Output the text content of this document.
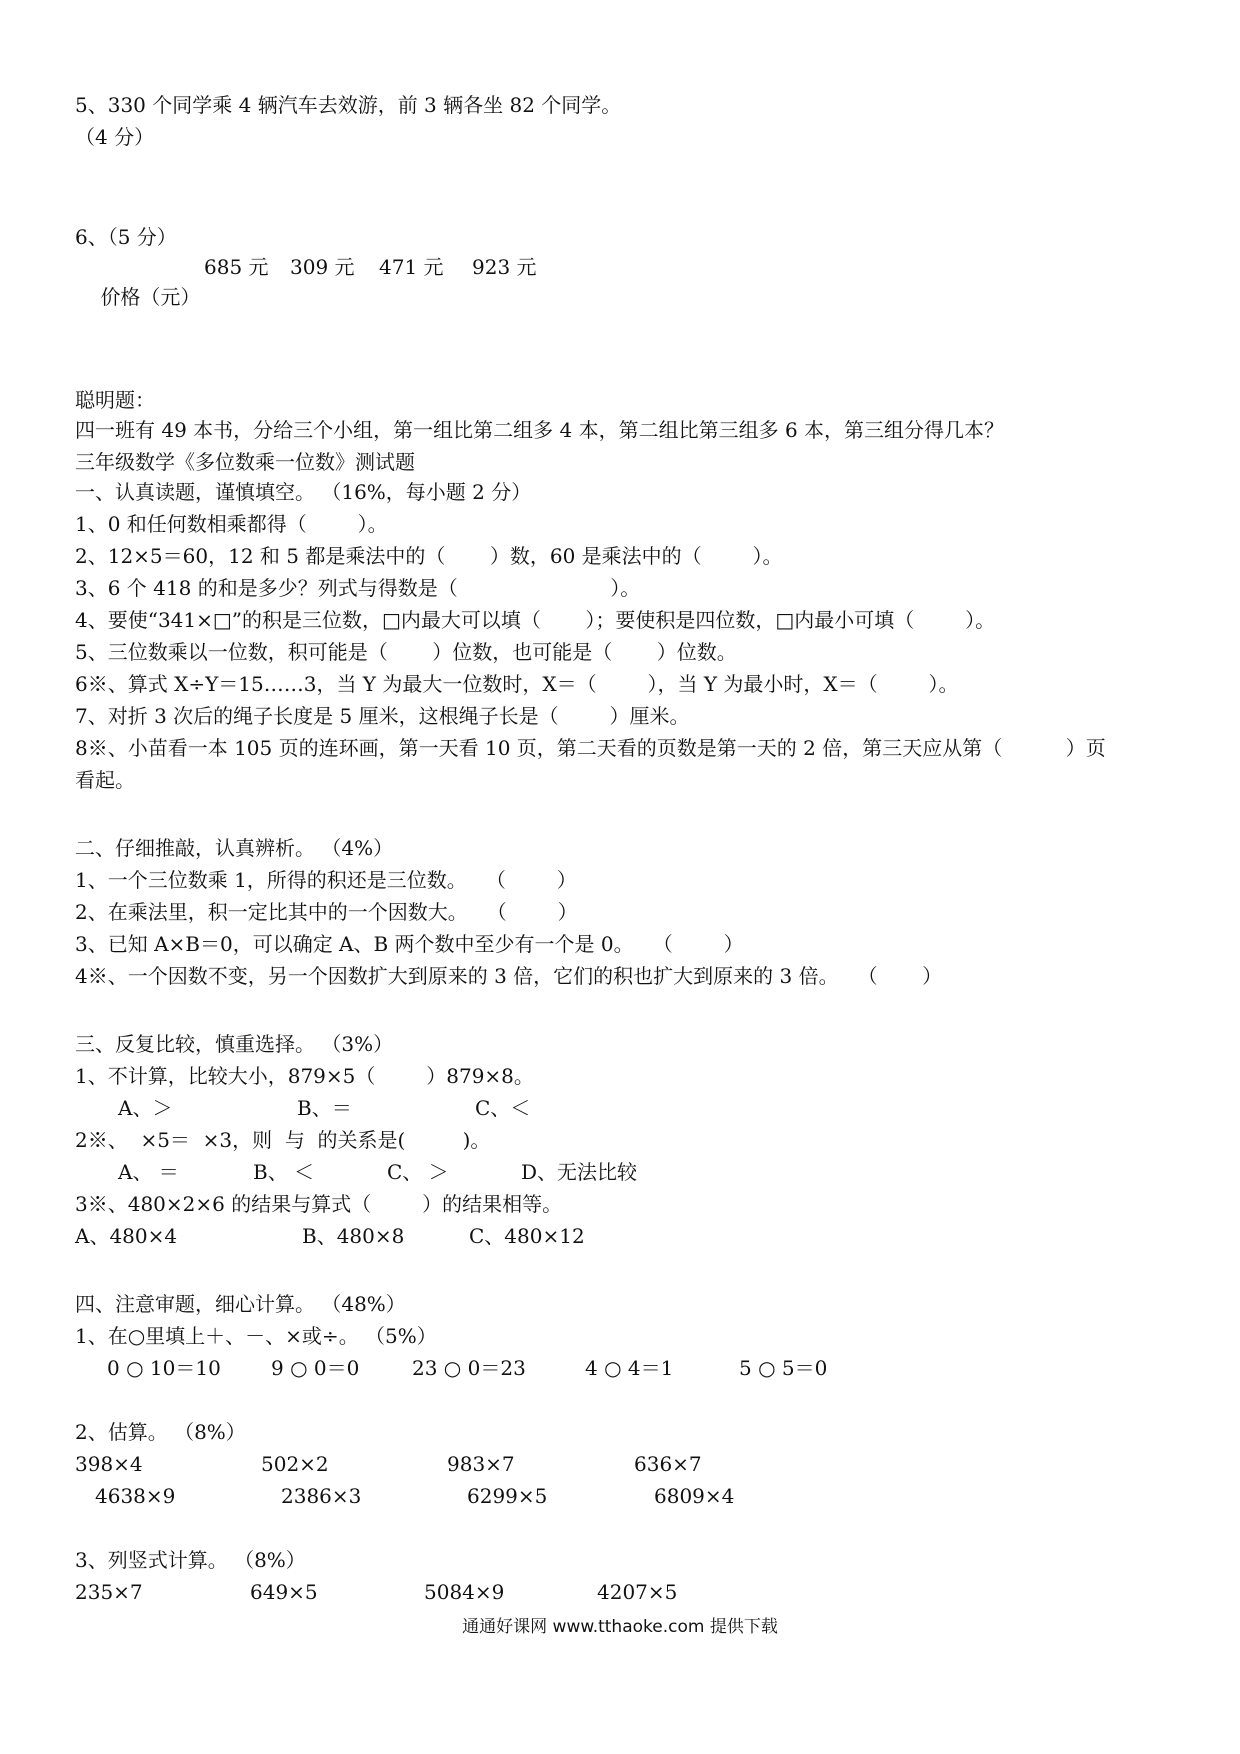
5、330 个同学乘 4 辆汽车去效游，前 3 辆各坐 82 个同学。
（4 分）
6、（5 分）

价格（元）
685 元 309 元 471 元 923 元

聪明题：
四一班有 49 本书，分给三个小组，第一组比第二组多 4 本，第二组比第三组多 6 本，第三组分得几本？
三年级数学《多位数乘一位数》测试题
一、认真读题，谨慎填空。 （16%，每小题 2 分）
1、0 和任何数相乘都得（        ）。
2、12×5＝60，12 和 5 都是乘法中的（       ）数，60 是乘法中的（        ）。
3、6 个 418 的和是多少？列式与得数是（                        ）。
4、要使“341×□”的积是三位数，□内最大可以填（       ）；要使积是四位数，□内最小可填（        ）。
5、三位数乘以一位数，积可能是（       ）位数，也可能是（       ）位数。
6※、算式 X÷Y＝15……3，当 Y 为最大一位数时，X＝（        ），当 Y 为最小时，X＝（        ）。
7、对折 3 次后的绳子长度是 5 厘米，这根绳子长是（        ）厘米。
8※、小苗看一本 105 页的连环画，第一天看 10 页，第二天看的页数是第一天的 2 倍，第三天应从第（          ）页
看起。
二、仔细推敲，认真辨析。 （4%）
1、一个三位数乘 1，所得的积还是三位数。   （        ）
2、在乘法里，积一定比其中的一个因数大。   （        ）
3、已知 A×B＝0，可以确定 A、B 两个数中至少有一个是 0。   （        ）
4※、一个因数不变，另一个因数扩大到原来的 3 倍，它们的积也扩大到原来的 3 倍。   （       ）
三、反复比较，慎重选择。 （3%）
1、不计算，比较大小，879×5（        ）879×8。
A、＞	B、＝	C、＜
2※、  ×5＝  ×3，则  与  的关系是(         )。
A、 ＝	B、 ＜	C、 ＞	D、无法比较
3※、480×2×6 的结果与算式（        ）的结果相等。
A、480×4	B、480×8	C、480×12
四、注意审题，细心计算。 （48%）
1、在○里填上＋、－、×或÷。 （5%）
0 ○ 10＝10	9 ○ 0＝0	23 ○ 0＝23	4 ○ 4＝1	5 ○ 5＝0
2、估算。 （8%）
398×4	502×2	983×7	636×7
4638×9	2386×3	6299×5	6809×4
3、列竖式计算。 （8%）
235×7	649×5	5084×9	4207×5
通通好课网 www.tthaoke.com 提供下载
